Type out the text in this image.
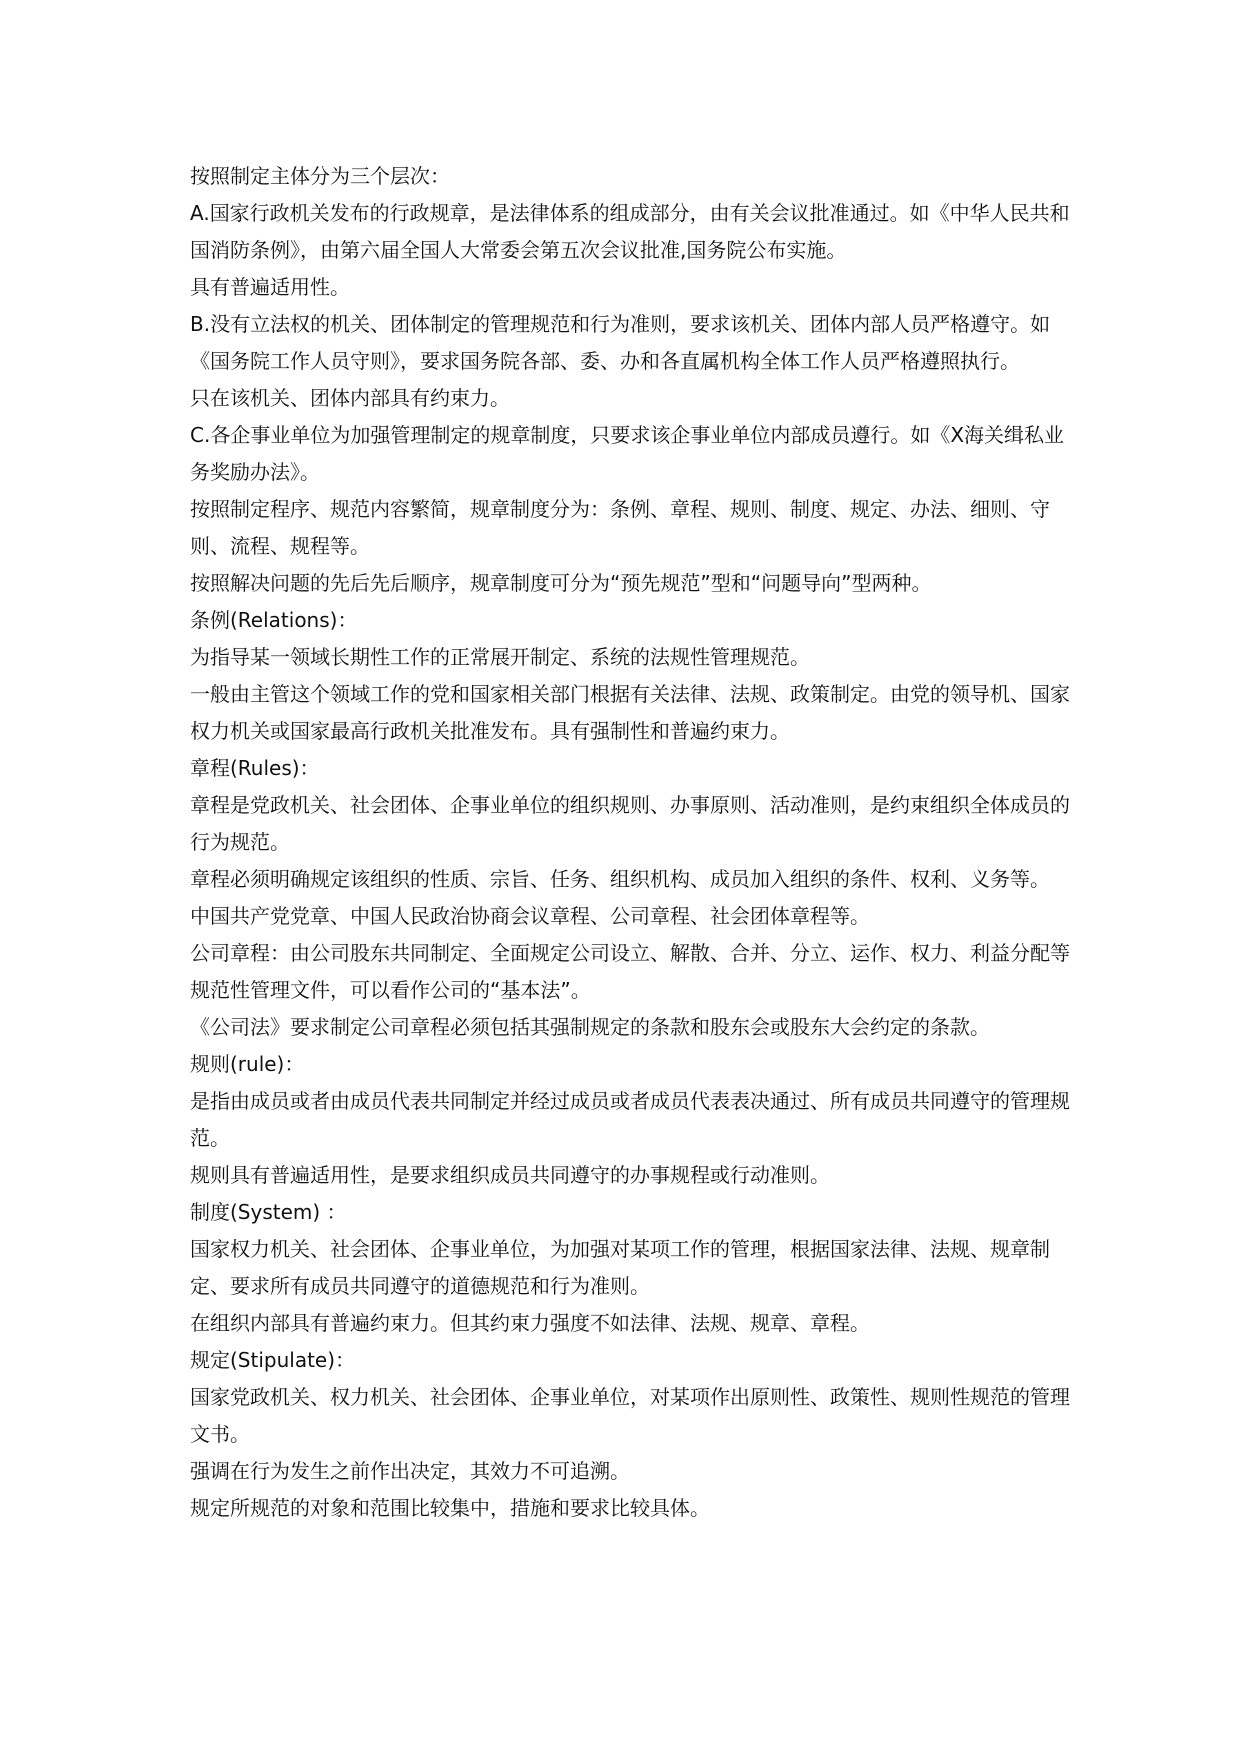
按照制定主体分为三个层次：

A.国家行政机关发布的行政规章，是法律体系的组成部分，由有关会议批准通过。如《中华人民共和国消防条例》，由第六届全国人大常委会第五次会议批准,国务院公布实施。

具有普遍适用性。

B.没有立法权的机关、团体制定的管理规范和行为准则，要求该机关、团体内部人员严格遵守。如《国务院工作人员守则》，要求国务院各部、委、办和各直属机构全体工作人员严格遵照执行。

只在该机关、团体内部具有约束力。

C.各企事业单位为加强管理制定的规章制度，只要求该企事业单位内部成员遵行。如《X海关缉私业务奖励办法》。

按照制定程序、规范内容繁简，规章制度分为：条例、章程、规则、制度、规定、办法、细则、守则、流程、规程等。

按照解决问题的先后先后顺序，规章制度可分为“预先规范”型和“问题导向”型两种。

条例(Relations)：

为指导某一领域长期性工作的正常展开制定、系统的法规性管理规范。

一般由主管这个领域工作的党和国家相关部门根据有关法律、法规、政策制定。由党的领导机、国家权力机关或国家最高行政机关批准发布。具有强制性和普遍约束力。

章程(Rules)：

章程是党政机关、社会团体、企事业单位的组织规则、办事原则、活动准则，是约束组织全体成员的行为规范。

章程必须明确规定该组织的性质、宗旨、任务、组织机构、成员加入组织的条件、权利、义务等。

中国共产党党章、中国人民政治协商会议章程、公司章程、社会团体章程等。

公司章程：由公司股东共同制定、全面规定公司设立、解散、合并、分立、运作、权力、利益分配等规范性管理文件，可以看作公司的“基本法”。

《公司法》要求制定公司章程必须包括其强制规定的条款和股东会或股东大会约定的条款。

规则(rule)：

是指由成员或者由成员代表共同制定并经过成员或者成员代表表决通过、所有成员共同遵守的管理规范。

规则具有普遍适用性，是要求组织成员共同遵守的办事规程或行动准则。

制度(System) ：

国家权力机关、社会团体、企事业单位，为加强对某项工作的管理，根据国家法律、法规、规章制定、要求所有成员共同遵守的道德规范和行为准则。

在组织内部具有普遍约束力。但其约束力强度不如法律、法规、规章、章程。

规定(Stipulate)：

国家党政机关、权力机关、社会团体、企事业单位，对某项作出原则性、政策性、规则性规范的管理文书。

强调在行为发生之前作出决定，其效力不可追溯。

规定所规范的对象和范围比较集中，措施和要求比较具体。
